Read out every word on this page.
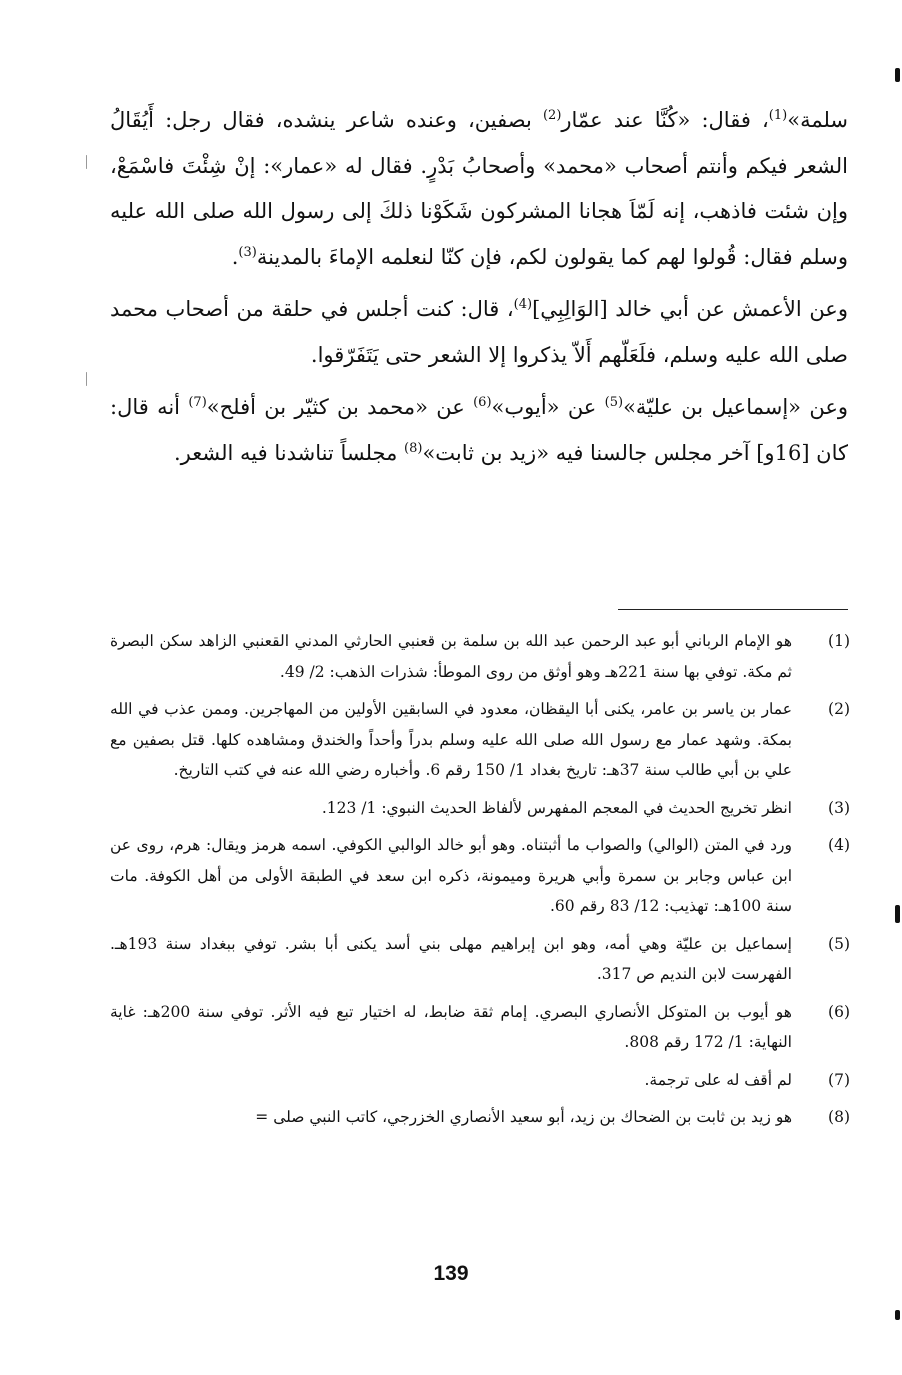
سلمة»$^{(1)}$، فقال: «كُنَّا عند عمّار$^{(2)}$ بصفين، وعنده شاعر ينشده، فقال رجل: أَيُقَالُ الشعر فيكم وأنتم أصحاب «محمد» وأصحابُ بَدْرٍ. فقال له «عمار»: إنْ شِئْتَ فاسْمَعْ، وإن شئت فاذهب، إنه لَمّاَ هجانا المشركون شَكَوْنا ذلكَ إلى رسول الله صلى الله عليه وسلم فقال: قُولوا لهم كما يقولون لكم، فإن كنّا لنعلمه الإماءَ بالمدينة$^{(3)}$.

وعن الأعمش عن أبي خالد [الوَالِبِي]$^{(4)}$، قال: كنت أجلس في حلقة من أصحاب محمد صلى الله عليه وسلم، فلَعَلّهم أَلاّ يذكروا إلا الشعر حتى يَتَفَرّقوا.

وعن «إسماعيل بن عليّة»$^{(5)}$ عن «أيوب»$^{(6)}$ عن «محمد بن كثيّر بن أفلح»$^{(7)}$ أنه قال: كان [16و] آخر مجلس جالسنا فيه «زيد بن ثابت»$^{(8)}$ مجلساً تناشدنا فيه الشعر.

(1)
هو الإمام الرباني أبو عبد الرحمن عبد الله بن سلمة بن قعنبي الحارثي المدني القعنبي الزاهد سكن البصرة ثم مكة. توفي بها سنة 221هـ وهو أوثق من روى الموطأ: شذرات الذهب: 2/ 49.
(2)
عمار بن ياسر بن عامر، يكنى أبا اليقظان، معدود في السابقين الأولين من المهاجرين. وممن عذب في الله بمكة. وشهد عمار مع رسول الله صلى الله عليه وسلم بدراً وأحداً والخندق ومشاهده كلها. قتل بصفين مع علي بن أبي طالب سنة 37هـ: تاريخ بغداد 1/ 150 رقم 6. وأخباره رضي الله عنه في كتب التاريخ.
(3)
انظر تخريج الحديث في المعجم المفهرس لألفاظ الحديث النبوي: 1/ 123.
(4)
ورد في المتن (الوالي) والصواب ما أثبتناه. وهو أبو خالد الوالبي الكوفي. اسمه هرمز ويقال: هرم، روى عن ابن عباس وجابر بن سمرة وأبي هريرة وميمونة، ذكره ابن سعد في الطبقة الأولى من أهل الكوفة. مات سنة 100هـ: تهذيب: 12/ 83 رقم 60.
(5)
إسماعيل بن عليّة وهي أمه، وهو ابن إبراهيم مهلى بني أسد يكنى أبا بشر. توفي ببغداد سنة 193هـ. الفهرست لابن النديم ص 317.
(6)
هو أيوب بن المتوكل الأنصاري البصري. إمام ثقة ضابط، له اختيار تبع فيه الأثر. توفي سنة 200هـ: غاية النهاية: 1/ 172 رقم 808.
(7)
لم أقف له على ترجمة.
(8)
هو زيد بن ثابت بن الضحاك بن زيد، أبو سعيد الأنصاري الخزرجي، كاتب النبي صلى =
139
